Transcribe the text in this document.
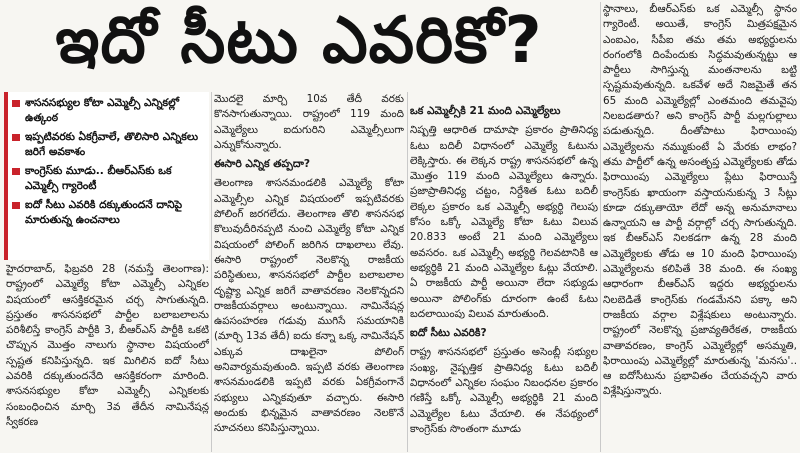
ఇదో సీటు ఎవరికో?
శాసనసభ్యుల కోటా ఎమ్మెల్సీ ఎన్నికల్లో ఉత్కంఠ
ఇప్పటివరకు ఏకగ్రీవాలే, తొలిసారి ఎన్నికలు జరిగే అవకాశం
కాంగ్రెస్‌కు మూడు.. బీఆర్‌ఎస్‌కు ఒక ఎమ్మెల్సీ గ్యారెంటీ
ఐదో సీటు ఎవరికి దక్కుతుందనే దానిపై మారుతున్న ఉంచనాలు

హైదరాబాద్, ఫిబ్రవరి 28 (నమస్తే తెలంగాణ): రాష్ట్రంలో ఎమ్మెల్యే కోటా ఎమ్మెల్సీ ఎన్నికల విషయంలో ఆసక్తికరమైన చర్చ సాగుతున్నది. ప్రస్తుతం శాసనసభలో పార్టీల బలాబలాలను పరిశీలిస్తే కాంగ్రెస్ పార్టీకి 3, బీఆర్‌ఎస్ పార్టీకి ఒకటి చొప్పున మొత్తం నాలుగు స్థానాల విషయంలో స్పష్టత కనిపిస్తున్నది. ఇక మిగిలిన ఐదో సీటు ఎవరికి దక్కుతుందనేది ఆసక్తికరంగా మారింది. శాసనసభ్యుల కోటా ఎమ్మెల్సీ ఎన్నికలకు సంబంధించిన మార్చి 3వ తేదీన నామినేషన్ల స్వీకరణ

మొదలై మార్చి 10వ తేదీ వరకు కొనసాగుతున్నాయి. రాష్ట్రంలో 119 మంది ఎమ్మెల్యేలు ఐదుగురిని ఎమ్మెల్సీలుగా ఎన్నుకోనున్నారు.

ఈసారి ఎన్నిక తప్పదా?

తెలంగాణ శాసనమండలికి ఎమ్మెల్యే కోటా ఎమ్మెల్సీల ఎన్నిక విషయంలో ఇప్పటివరకు పోలింగ్ జరగలేదు. తెలంగాణ తొలి శాసనసభ కొలువుదీరినప్పటి నుంచి ఎమ్మెల్యే కోటా ఎన్నిక విషయంలో పోలింగ్ జరిగిన దాఖలాలు లేవు. ఈసారి రాష్ట్రంలో నెలకొన్న రాజకీయ పరిస్థితులు, శాసనసభలో పార్టీల బలాబలాల దృష్ట్యా ఎన్నిక జరిగే వాతావరణం నెలకొన్నదని రాజకీయవర్గాలు అంటున్నాయి. నామినేషన్ల ఉపసంహరణ గడువు ముగిసే సమయానికి (మార్చి 13వ తేదీ) ఐదు కన్నా ఒక్క నామినేషన్ ఎక్కువ దాఖలైనా పోలింగ్ అనివార్యమవుతుంది. ఇప్పటి వరకు తెలంగాణ శాసనమండలికి ఇప్పటి వరకు ఏకగ్రీవంగానే సభ్యులు ఎన్నికవుతూ వచ్చారు. ఈసారి అందుకు భిన్నమైన వాతావరణం నెలకొనే సూచనలు కనిపిస్తున్నాయి.

ఒక ఎమ్మెల్సీకి 21 మంది ఎమ్మెల్యేలు

నిష్పత్తి ఆధారిత దామాషా ప్రకారం ప్రాతినిధ్య ఓటు బదిలీ విధానంలో ఎమ్మెల్యే ఓటును లెక్కిస్తారు. ఈ లెక్కన రాష్ట్ర శాసనసభలో ఉన్న మొత్తం 119 మంది ఎమ్మెల్యేలు ఉన్నారు. ప్రజాప్రాతినిధ్య చట్టం, నిర్దేశిత ఓటు బదిలీ లెక్కల ప్రకారం ఒక ఎమ్మెల్సీ అభ్యర్థి గెలుపు కోసం ఒక్కో ఎమ్మెల్యే కోటా ఓటు విలువ 20.833 అంటే 21 మంది ఎమ్మెల్యేలు అవసరం. ఒక ఎమ్మెల్సీ అభ్యర్థి గెలవటానికి ఆ అభ్యర్థికి 21 మంది ఎమ్మెల్యేల ఓట్లు వేయాలి. ఏ రాజకీయ పార్టీ అయినా లేదా సభ్యుడు అయినా పోలింగ్‌కు దూరంగా ఉంటే ఓటు బదలాయింపు విలువ మారుతుంది.

ఐదో సీటు ఎవరికి?

రాష్ట్ర శాసనసభలో ప్రస్తుతం అసెంబ్లీ సభ్యుల సంఖ్య, నైష్పత్తిక ప్రాతినిధ్య ఓటు బదిలీ విధానంలో ఎన్నికల సంఘం నిబంధనల ప్రకారం గణిస్తే ఒక్కో ఎమ్మెల్సీ అభ్యర్థికి 21 మంది ఎమ్మెల్యేల ఓటు వేయాలి. ఈ నేపథ్యంలో కాంగ్రెస్‌కు సొంతంగా మూడు

స్థానాలు, బీఆర్‌ఎస్‌కు ఒక ఎమ్మెల్సీ స్థానం గ్యారెంటీ. అయితే, కాంగ్రెస్ మిత్రపక్షమైన ఎంఐఎం, సీపీఐ తమ తమ అభ్యర్థులను రంగంలోకి దింపేందుకు సిద్ధమవుతున్నట్టు ఆ పార్టీలు సాగిస్తున్న మంతనాలను బట్టి స్పష్టమవుతున్నది. ఒకవేళ అదే నిజమైతే తన 65 మంది ఎమ్మెల్యేల్లో ఎంతమంది తమవైపు నిలబడతారు? అని కాంగ్రెస్ పార్టీ మల్లగుల్లాలు పడుతున్నది. దీంతోపాటు ఫిరాయింపు ఎమ్మెల్యేలను నమ్ముకుంటే ఏ మేరకు లాభం? తమ పార్టీలో ఉన్న అసంతృప్త ఎమ్మెల్యేలకు తోడు ఫిరాయింపు ఎమ్మెల్యేలు ప్లేటు ఫిరాయిస్తే కాంగ్రెస్‌కు ఖాయంగా వస్తాయనుకున్న 3 సీట్లు కూడా దక్కుతాయో లేదో అన్న అనుమానాలు ఉన్నాయని ఆ పార్టీ వర్గాల్లో చర్చ సాగుతున్నది. ఇక బీఆర్‌ఎస్ నిలకడగా ఉన్న 28 మంది ఎమ్మెల్యేలకు తోడు ఆ 10 మంది ఫిరాయింపు ఎమ్మెల్యేలను కలిపితే 38 మంది. ఈ సంఖ్య ఆధారంగా బీఆర్‌ఎస్ ఇద్దరు అభ్యర్థులను నిలబెడితే కాంగ్రెస్‌కు గండమేనని పక్కా అని రాజకీయ వర్గాల విశ్లేషకులు అంటున్నారు. రాష్ట్రంలో నెలకొన్న ప్రజావ్యతిరేకత, రాజకీయ వాతావరణం, కాంగ్రెస్ ఎమ్మెల్యేల్లో అసమ్మతి, ఫిరాయింపు ఎమ్మెల్యేల్లో మారుతున్న 'మనసు'.. ఆ ఐదోసీటును ప్రభావితం చేయవచ్చని వారు విశ్లేషిస్తున్నారు.
